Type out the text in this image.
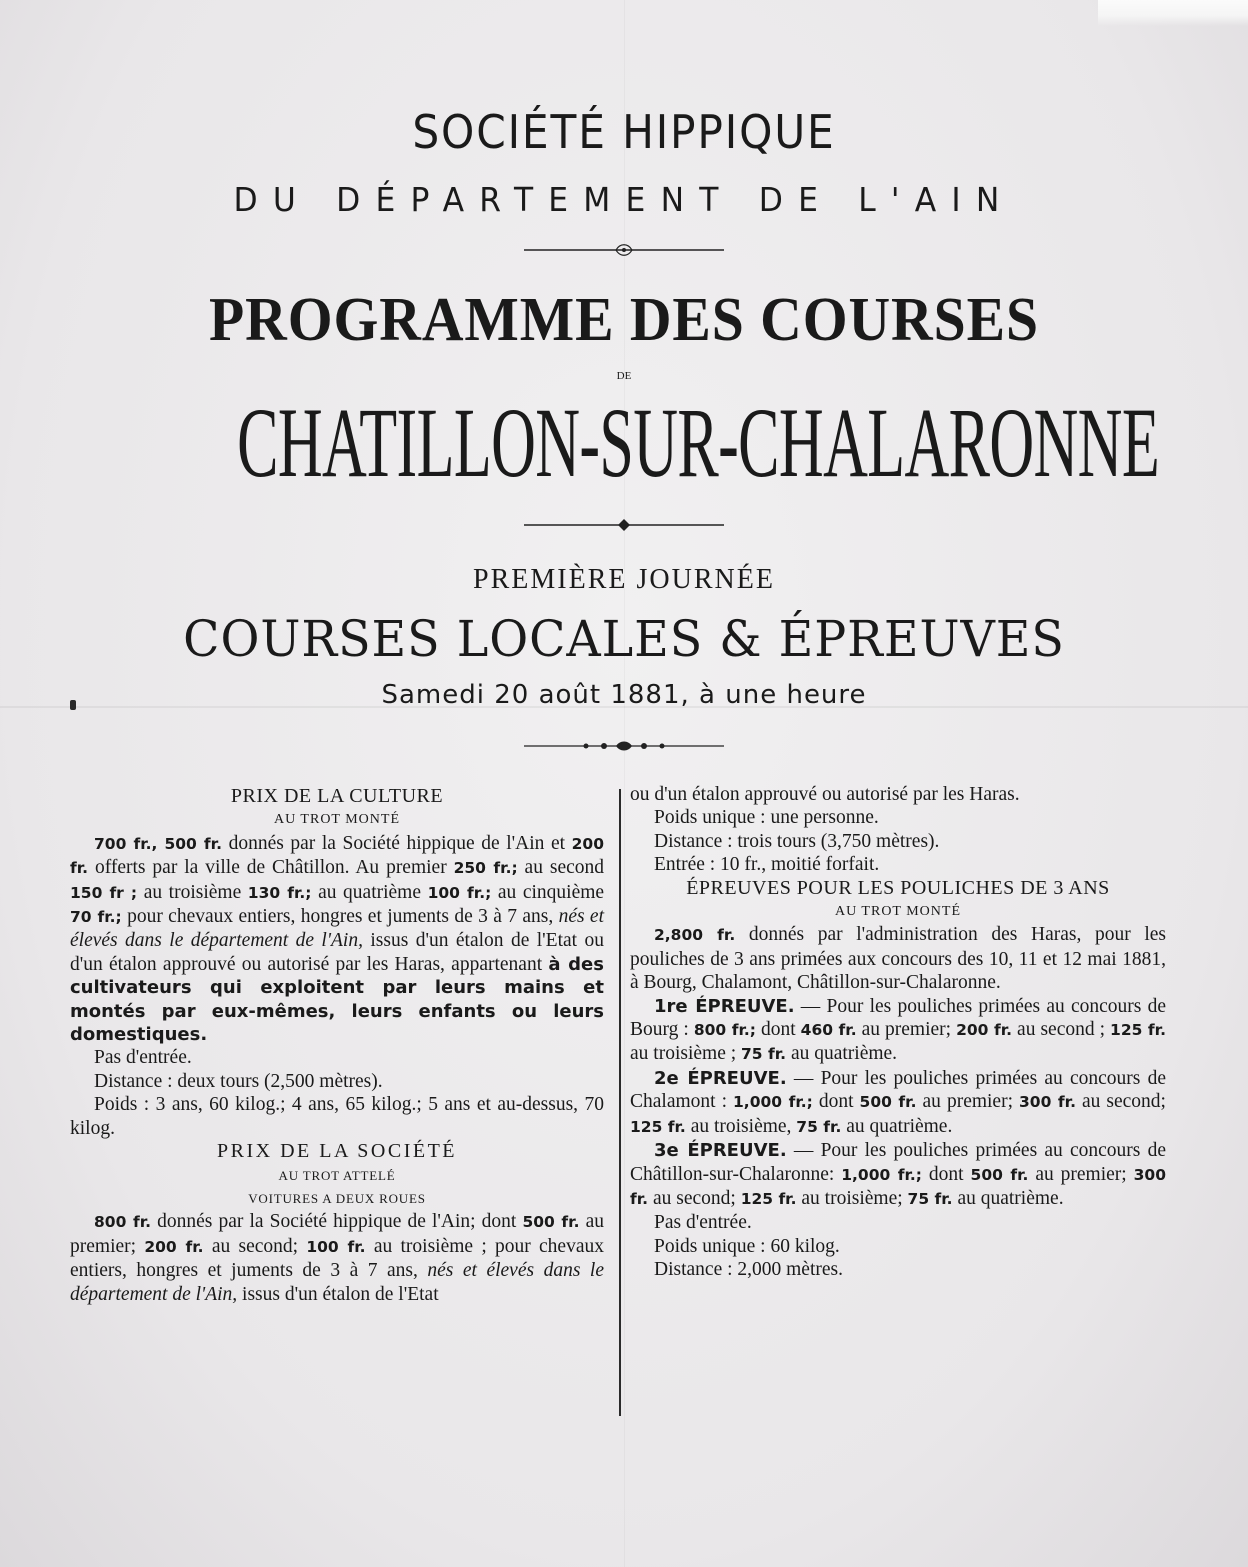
SOCIÉTÉ HIPPIQUE
DU DÉPARTEMENT DE L'AIN
PROGRAMME DES COURSES
DE
CHATILLON-SUR-CHALARONNE
PREMIÈRE JOURNÉE
COURSES LOCALES & ÉPREUVES
Samedi 20 août 1881, à une heure

PRIX DE LA CULTURE

AU TROT MONTÉ

700 fr., 500 fr. donnés par la Société hippique de l'Ain et 200 fr. offerts par la ville de Châtillon. Au premier 250 fr.; au second 150 fr ; au troisième 130 fr.; au quatrième 100 fr.; au cinquième 70 fr.; pour chevaux entiers, hongres et juments de 3 à 7 ans, nés et élevés dans le département de l'Ain, issus d'un étalon de l'Etat ou d'un étalon approuvé ou autorisé par les Haras, appartenant à des cultivateurs qui exploitent par leurs mains et montés par eux-mêmes, leurs enfants ou leurs domestiques.

Pas d'entrée.

Distance : deux tours (2,500 mètres).

Poids : 3 ans, 60 kilog.; 4 ans, 65 kilog.; 5 ans et au-dessus, 70 kilog.

PRIX DE LA SOCIÉTÉ

AU TROT ATTELÉ

VOITURES A DEUX ROUES

800 fr. donnés par la Société hippique de l'Ain; dont 500 fr. au premier; 200 fr. au second; 100 fr. au troisième ; pour chevaux entiers, hongres et juments de 3 à 7 ans, nés et élevés dans le département de l'Ain, issus d'un étalon de l'Etat

ou d'un étalon approuvé ou autorisé par les Haras.

Poids unique : une personne.

Distance : trois tours (3,750 mètres).

Entrée : 10 fr., moitié forfait.

ÉPREUVES POUR LES POULICHES DE 3 ANS

AU TROT MONTÉ

2,800 fr. donnés par l'administration des Haras, pour les pouliches de 3 ans primées aux concours des 10, 11 et 12 mai 1881, à Bourg, Chalamont, Châtillon-sur-Chalaronne.

1re ÉPREUVE. — Pour les pouliches primées au concours de Bourg : 800 fr.; dont 460 fr. au premier; 200 fr. au second ; 125 fr. au troisième ; 75 fr. au quatrième.

2e ÉPREUVE. — Pour les pouliches primées au concours de Chalamont : 1,000 fr.; dont 500 fr. au premier; 300 fr. au second; 125 fr. au troisième, 75 fr. au quatrième.

3e ÉPREUVE. — Pour les pouliches primées au concours de Châtillon-sur-Chalaronne: 1,000 fr.; dont 500 fr. au premier; 300 fr. au second; 125 fr. au troisième; 75 fr. au quatrième.

Pas d'entrée.

Poids unique : 60 kilog.

Distance : 2,000 mètres.
